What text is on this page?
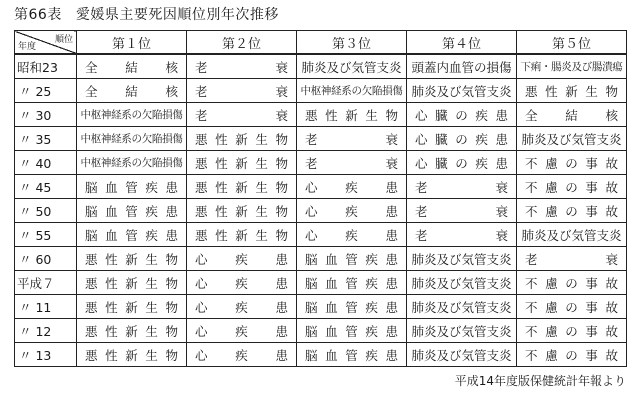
第66表 愛媛県主要死因順位別年次推移
順位
年度	第１位	第２位	第３位	第４位	第５位
昭和23	全　結　核	老　　　衰	肺炎及び気管支炎	頭蓋内血管の損傷	下痢・腸炎及び腸潰瘍
〃 25	全　結　核	老　　　衰	中枢神経系の欠陥損傷	肺炎及び気管支炎	悪性新生物
〃 30	中枢神経系の欠陥損傷	老　　　衰	悪性新生物	心臓の疾患	全　結　核
〃 35	中枢神経系の欠陥損傷	悪性新生物	老　　　衰	心臓の疾患	肺炎及び気管支炎
〃 40	中枢神経系の欠陥損傷	悪性新生物	老　　　衰	心臓の疾患	不慮の事故
〃 45	脳血管疾患	悪性新生物	心　疾　患	老　　　衰	不慮の事故
〃 50	脳血管疾患	悪性新生物	心　疾　患	老　　　衰	不慮の事故
〃 55	脳血管疾患	悪性新生物	心　疾　患	老　　　衰	肺炎及び気管支炎
〃 60	悪性新生物	心　疾　患	脳血管疾患	肺炎及び気管支炎	老　　　衰
平成７	悪性新生物	心　疾　患	脳血管疾患	肺炎及び気管支炎	不慮の事故
〃 11	悪性新生物	心　疾　患	脳血管疾患	肺炎及び気管支炎	不慮の事故
〃 12	悪性新生物	心　疾　患	脳血管疾患	肺炎及び気管支炎	不慮の事故
〃 13	悪性新生物	心　疾　患	脳血管疾患	肺炎及び気管支炎	不慮の事故
平成14年度版保健統計年報より
